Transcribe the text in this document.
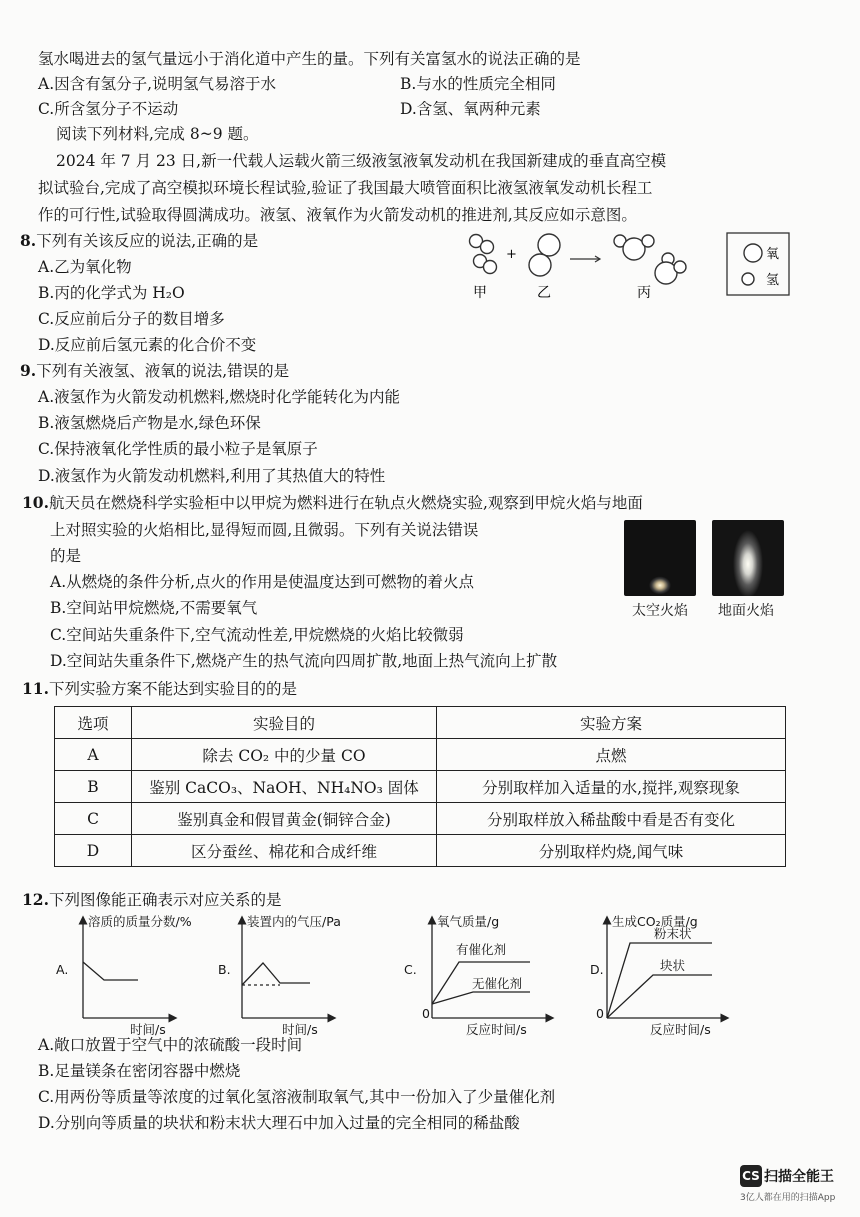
氢水喝进去的氢气量远小于消化道中产生的量。下列有关富氢水的说法正确的是
A.因含有氢分子,说明氢气易溶于水	B.与水的性质完全相同
C.所含氢分子不运动	D.含氢、氧两种元素
阅读下列材料,完成 8~9 题。
2024 年 7 月 23 日,新一代载人运载火箭三级液氢液氧发动机在我国新建成的垂直高空模
拟试验台,完成了高空模拟环境长程试验,验证了我国最大喷管面积比液氢液氧发动机长程工
作的可行性,试验取得圆满成功。液氢、液氧作为火箭发动机的推进剂,其反应如示意图。
8.下列有关该反应的说法,正确的是
A.乙为氧化物
B.丙的化学式为 H₂O
C.反应前后分子的数目增多
D.反应前后氢元素的化合价不变
+
甲	乙	丙
氧
氢
9.下列有关液氢、液氧的说法,错误的是
A.液氢作为火箭发动机燃料,燃烧时化学能转化为内能
B.液氢燃烧后产物是水,绿色环保
C.保持液氧化学性质的最小粒子是氧原子
D.液氢作为火箭发动机燃料,利用了其热值大的特性
10.航天员在燃烧科学实验柜中以甲烷为燃料进行在轨点火燃烧实验,观察到甲烷火焰与地面
上对照实验的火焰相比,显得短而圆,且微弱。下列有关说法错误
的是
A.从燃烧的条件分析,点火的作用是使温度达到可燃物的着火点
B.空间站甲烷燃烧,不需要氧气
C.空间站失重条件下,空气流动性差,甲烷燃烧的火焰比较微弱
D.空间站失重条件下,燃烧产生的热气流向四周扩散,地面上热气流向上扩散
太空火焰 地面火焰
11.下列实验方案不能达到实验目的的是
选项	实验目的	实验方案
A	除去 CO₂ 中的少量 CO	点燃
B	鉴别 CaCO₃、NaOH、NH₄NO₃ 固体	分别取样加入适量的水,搅拌,观察现象
C	鉴别真金和假冒黄金(铜锌合金)	分别取样放入稀盐酸中看是否有变化
D	区分蚕丝、棉花和合成纤维	分别取样灼烧,闻气味
12.下列图像能正确表示对应关系的是
A.
溶质的质量分数/%
时间/s
B.
装置内的气压/Pa
时间/s
C.
氧气质量/g
反应时间/s
0
有催化剂
无催化剂
D.
生成CO₂质量/g
反应时间/s
0
粉末状
块状
A.敞口放置于空气中的浓硫酸一段时间
B.足量镁条在密闭容器中燃烧
C.用两份等质量等浓度的过氧化氢溶液制取氧气,其中一份加入了少量催化剂
D.分别向等质量的块状和粉末状大理石中加入过量的完全相同的稀盐酸
CS 扫描全能王
3亿人都在用的扫描App
